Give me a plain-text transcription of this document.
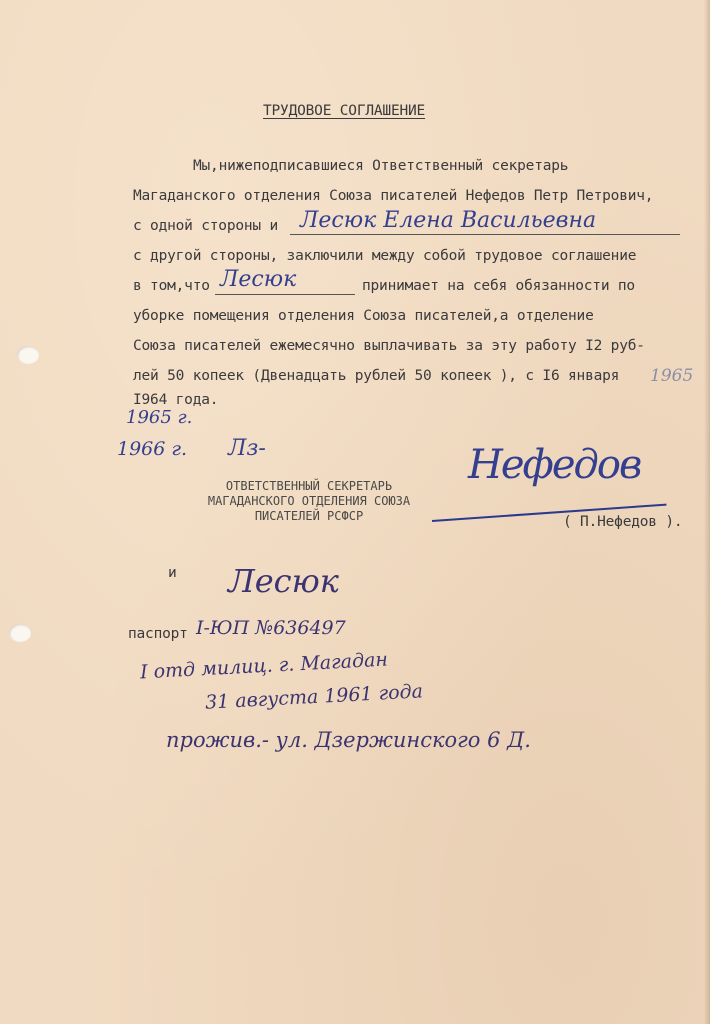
ТРУДОВОЕ СОГЛАШЕНИЕ
Мы,нижеподписавшиеся Ответственный секретарь
Магаданского отделения Союза писателей Нефедов Петр Петрович,
с одной стороны и Лесюк Елена Васильевна
с другой стороны, заключили между собой трудовое соглашение
в том,что Лесюк	принимает на себя обязанности по
уборке помещения отделения Союза писателей,а отделение
Союза писателей ежемесячно выплачивать за эту работу I2 руб-
лей 50 копеек (Двенадцать рублей 50 копеек ), с I6 января 1965
I964 года.
1965 г.
1966 г. Лз-
ОТВЕТСТВЕННЫЙ СЕКРЕТАРЬ
МАГАДАНСКОГО ОТДЕЛЕНИЯ СОЮЗА
ПИСАТЕЛЕЙ РСФСР
Нефедов
( П.Нефедов ).
и Лесюк
паспорт I-ЮП №636497
I отд милиц. г. Магадан
31 августа 1961 года
прожив.- ул. Дзержинского 6 Д.
